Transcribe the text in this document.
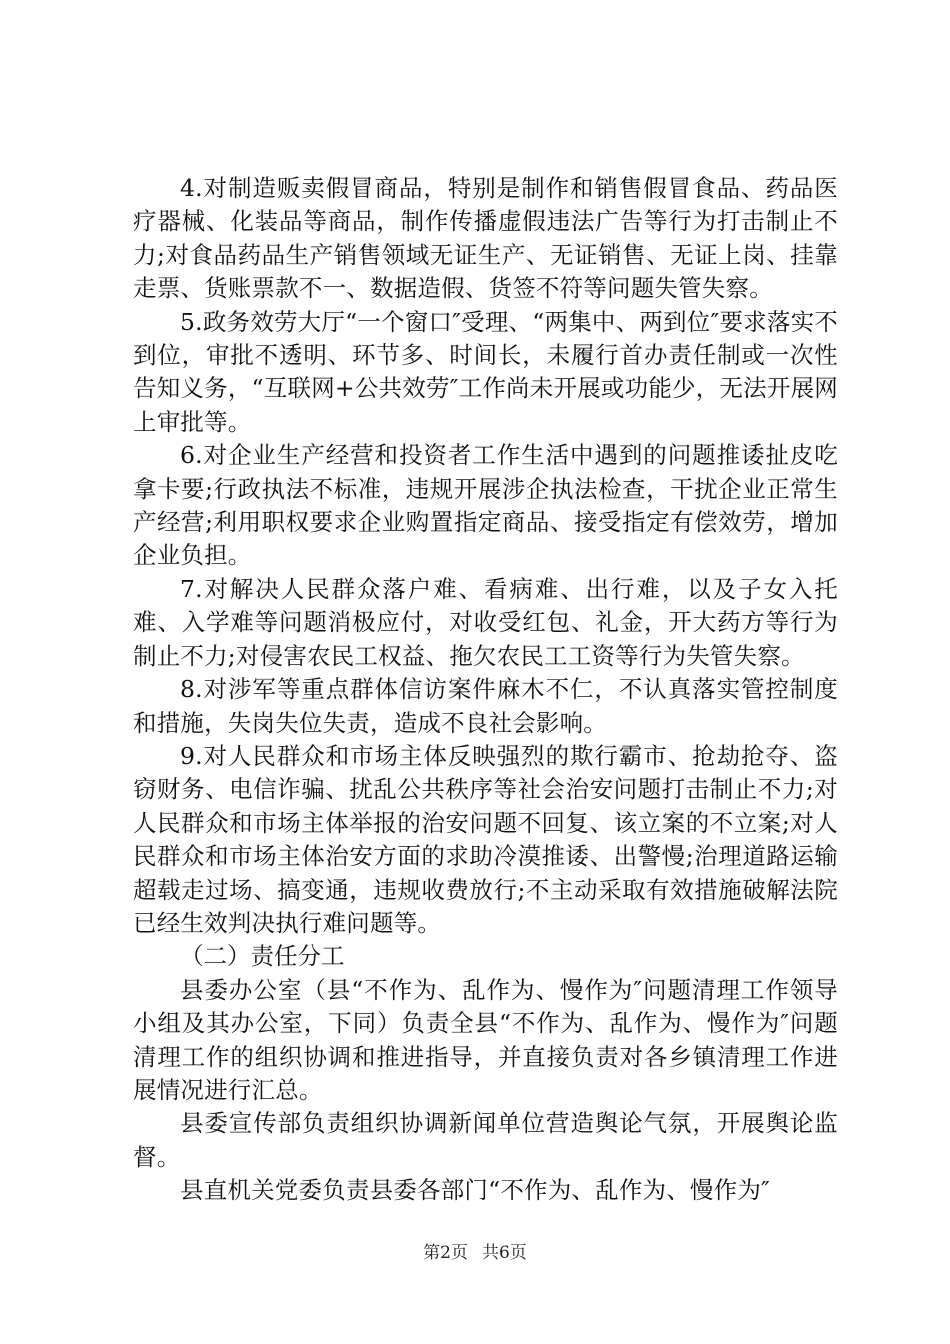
4.对制造贩卖假冒商品，特别是制作和销售假冒食品、药品医疗器械、化装品等商品，制作传播虚假违法广告等行为打击制止不力;对食品药品生产销售领域无证生产、无证销售、无证上岗、挂靠走票、货账票款不一、数据造假、货签不符等问题失管失察。

5.政务效劳大厅“一个窗口″受理、“两集中、两到位″要求落实不到位，审批不透明、环节多、时间长，未履行首办责任制或一次性告知义务，“互联网+公共效劳″工作尚未开展或功能少，无法开展网上审批等。

6.对企业生产经营和投资者工作生活中遇到的问题推诿扯皮吃拿卡要;行政执法不标准，违规开展涉企执法检查，干扰企业正常生产经营;利用职权要求企业购置指定商品、接受指定有偿效劳，增加企业负担。

7.对解决人民群众落户难、看病难、出行难，以及子女入托难、入学难等问题消极应付，对收受红包、礼金，开大药方等行为制止不力;对侵害农民工权益、拖欠农民工工资等行为失管失察。

8.对涉军等重点群体信访案件麻木不仁，不认真落实管控制度和措施，失岗失位失责，造成不良社会影响。

9.对人民群众和市场主体反映强烈的欺行霸市、抢劫抢夺、盗窃财务、电信诈骗、扰乱公共秩序等社会治安问题打击制止不力;对人民群众和市场主体举报的治安问题不回复、该立案的不立案;对人民群众和市场主体治安方面的求助冷漠推诿、出警慢;治理道路运输超载走过场、搞变通，违规收费放行;不主动采取有效措施破解法院已经生效判决执行难问题等。

（二）责任分工

县委办公室（县“不作为、乱作为、慢作为″问题清理工作领导小组及其办公室，下同）负责全县“不作为、乱作为、慢作为″问题清理工作的组织协调和推进指导，并直接负责对各乡镇清理工作进展情况进行汇总。

县委宣传部负责组织协调新闻单位营造舆论气氛，开展舆论监督。

县直机关党委负责县委各部门“不作为、乱作为、慢作为″

第2页 共6页
